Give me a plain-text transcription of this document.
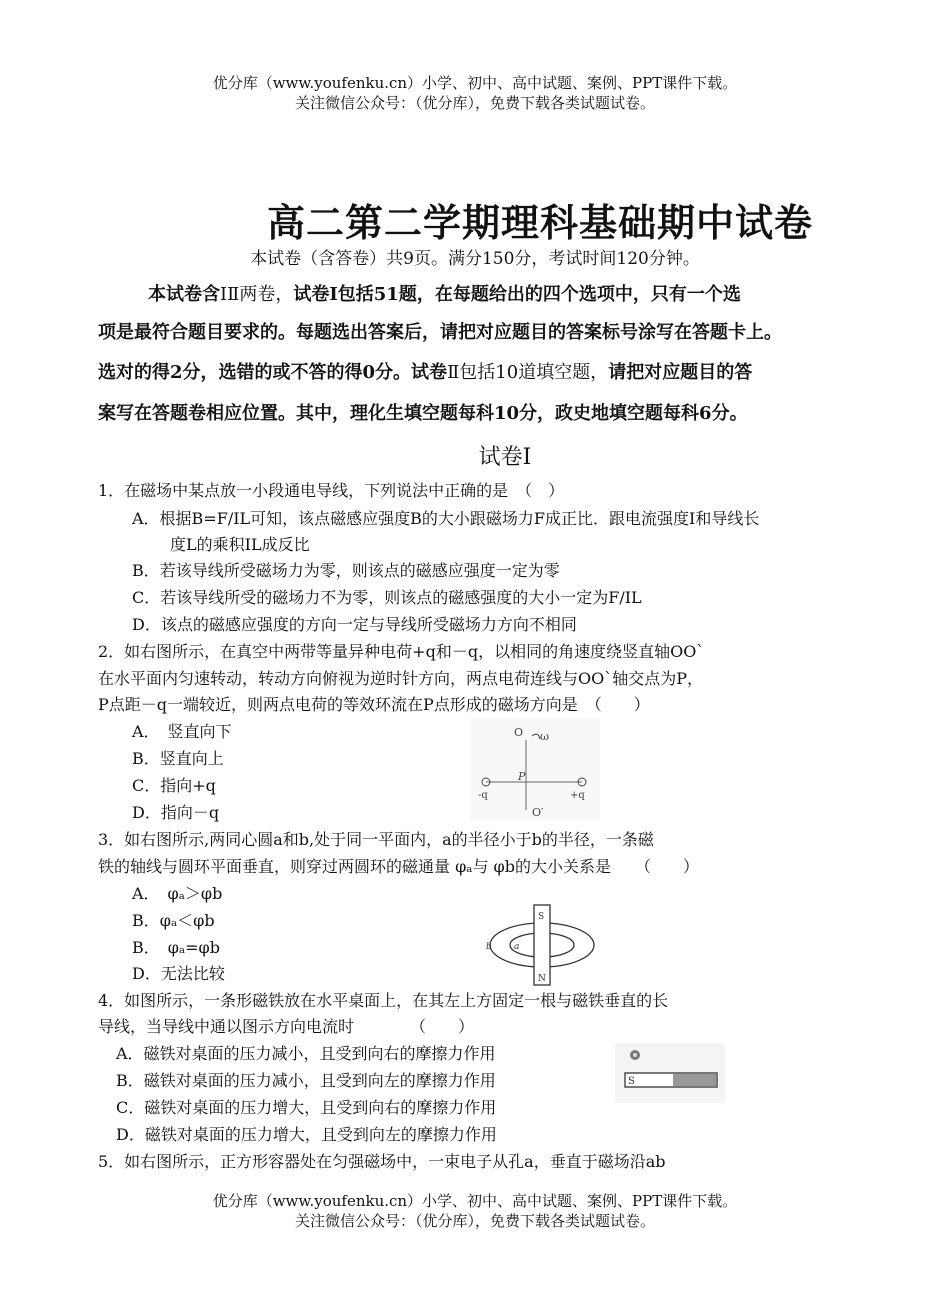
优分库（www.youfenku.cn）小学、初中、高中试题、案例、PPT课件下载。
关注微信公众号：（优分库），免费下载各类试题试卷。
高二第二学期理科基础期中试卷
本试卷（含答卷）共9页。满分150分，考试时间120分钟。
本试卷含ⅠⅡ两卷，试卷Ⅰ包括51题，在每题给出的四个选项中，只有一个选
项是最符合题目要求的。每题选出答案后，请把对应题目的答案标号涂写在答题卡上。
选对的得2分，选错的或不答的得0分。试卷Ⅱ包括10道填空题，请把对应题目的答
案写在答题卷相应位置。其中，理化生填空题每科10分，政史地填空题每科6分。
试卷Ⅰ
1．在磁场中某点放一小段通电导线，下列说法中正确的是　（　）
A．根据B=F/IL可知，该点磁感应强度B的大小跟磁场力F成正比．跟电流强度I和导线长
度L的乘积IL成反比
B．若该导线所受磁场力为零，则该点的磁感应强度一定为零
C．若该导线所受的磁场力不为零，则该点的磁感强度的大小一定为F/IL
D．该点的磁感应强度的方向一定与导线所受磁场力方向不相同
2．如右图所示，在真空中两带等量异种电荷+q和－q，以相同的角速度绕竖直轴OO`
在水平面内匀速转动，转动方向俯视为逆时针方向，两点电荷连线与OO`轴交点为P，
P点距－q一端较近，则两点电荷的等效环流在P点形成的磁场方向是　（　　）
A．　竖直向下
B．竖直向上
C．指向+q
D．指向－q
O ω
P
-q	+q
O′
3．如右图所示,两同心圆a和b,处于同一平面内，a的半径小于b的半径，一条磁
铁的轴线与圆环平面垂直，则穿过两圆环的磁通量 φₐ与 φb的大小关系是　　（　　）
A．　φₐ＞φb
B．φₐ＜φb
B．　φₐ=φb
D．无法比较
S
N
a
b
4．如图所示，一条形磁铁放在水平桌面上，在其左上方固定一根与磁铁垂直的长
导线，当导线中通以图示方向电流时　　　　（　　）
A．磁铁对桌面的压力减小，且受到向右的摩擦力作用
B．磁铁对桌面的压力减小，且受到向左的摩擦力作用
C．磁铁对桌面的压力增大，且受到向右的摩擦力作用
D．磁铁对桌面的压力增大，且受到向左的摩擦力作用
S
5．如右图所示，正方形容器处在匀强磁场中，一束电子从孔a，垂直于磁场沿ab
优分库（www.youfenku.cn）小学、初中、高中试题、案例、PPT课件下载。
关注微信公众号：（优分库），免费下载各类试题试卷。
